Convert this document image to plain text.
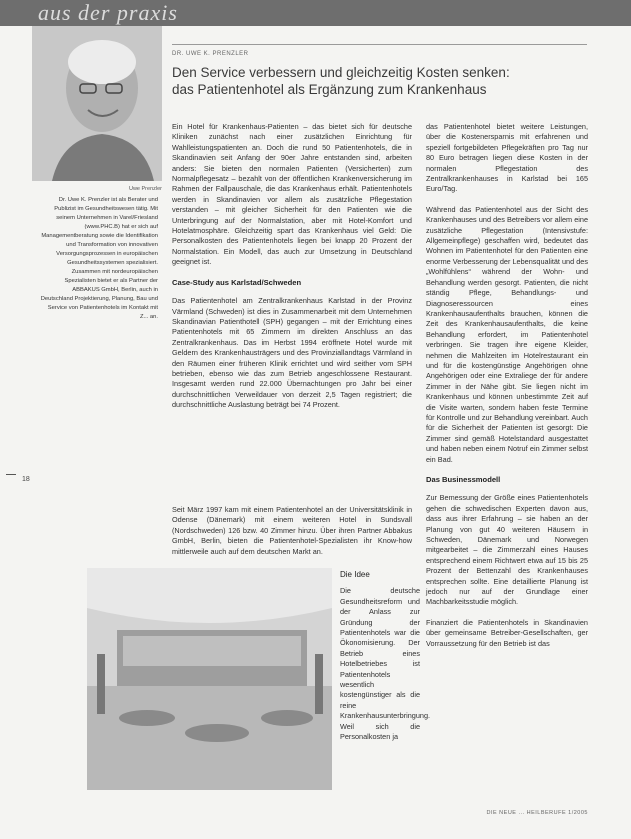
aus der praxis
Uwe Prenzler
Dr. Uwe K. Prenzler ist als Berater und Publizist im Gesundheitswesen tätig. Mit seinem Unternehmen in Varel/Friesland (www.PHC.B) hat er sich auf Managementberatung sowie die Identifikation und Transformation von innovativen Versorgungsprozessen in europäischen Gesundheitssystemen spezialisiert. Zusammen mit nordeuropäischen Spezialisten bietet er als Partner der ABBAKUS GmbH, Berlin, auch in Deutschland Projektierung, Planung, Bau und Service von Patientenhotels im Kontakt mit Z... an.
18
DR. UWE K. PRENZLER
Den Service verbessern und gleichzeitig Kosten senken:
das Patientenhotel als Ergänzung zum Krankenhaus

Ein Hotel für Krankenhaus-Patienten – das bietet sich für deutsche Kliniken zunächst nach einer zusätzlichen Einrichtung für Wahlleistungspatienten an. Doch die rund 50 Patientenhotels, die in Skandinavien seit Anfang der 90er Jahre entstanden sind, arbeiten anders: Sie bieten den normalen Patienten (Versicherten) zum Normalpflegesatz – bezahlt von der öffentlichen Krankenversicherung im Rahmen der Fallpauschale, die das Krankenhaus erhält. Patientenhotels werden in Skandinavien vor allem als zusätzliche Pflegestation verstanden – mit gleicher Sicherheit für den Patienten wie die Unterbringung auf der Normalstation, aber mit Hotel-Komfort und Hotelatmosphäre. Gleichzeitig spart das Krankenhaus viel Geld: Die Personalkosten des Patientenhotels liegen bei knapp 20 Prozent der Normalstation. Ein Modell, das auch zur Umsetzung in Deutschland geeignet ist.

Case-Study aus Karlstad/Schweden

Das Patientenhotel am Zentralkrankenhaus Karlstad in der Provinz Värmland (Schweden) ist dies in Zusammenarbeit mit dem Unternehmen Skandinavian Patienthotell (SPH) gegangen – mit der Errichtung eines Patientenhotels mit 65 Zimmern im direkten Anschluss an das Zentralkrankenhaus. Das im Herbst 1994 eröffnete Hotel wurde mit Geldern des Krankenhausträgers und des Provinziallandtags Värmland in den Räumen einer früheren Klinik errichtet und wird seither vom SPH betrieben, ebenso wie das zum Betrieb angeschlossene Restaurant. Insgesamt werden rund 22.000 Übernachtungen pro Jahr bei einer durchschnittlichen Verweildauer von derzeit 2,5 Tagen registriert; die durchschnittliche Auslastung beträgt bei 74 Prozent.

Seit März 1997 kam mit einem Patientenhotel an der Universitätsklinik in Odense (Dänemark) mit einem weiteren Hotel in Sundsvall (Nordschweden) 126 bzw. 40 Zimmer hinzu. Über ihren Partner Abbakus GmbH, Berlin, bieten die Patientenhotel-Spezialisten ihr Know-how mittlerweile auch auf dem deutschen Markt an.

das Patientenhotel bietet weitere Leistungen, über die Kostenersparnis mit erfahrenen und speziell fortgebildeten Pflegekräften pro Tag nur 80 Euro betragen liegen diese Kosten in der normalen Pflegestation des Zentralkrankenhauses in Karlstad bei 165 Euro/Tag.

Während das Patientenhotel aus der Sicht des Krankenhauses und des Betreibers vor allem eine zusätzliche Pflegestation (Intensivstufe: Allgemeinpflege) geschaffen wird, bedeutet das Wohnen im Patientenhotel für den Patienten eine enorme Verbesserung der Lebensqualität und des „Wohlfühlens“ während der Wohn- und Behandlung werden gesorgt. Patienten, die nicht ständig Pflege, Behandlungs- und Diagnoseressourcen eines Krankenhausaufenthalts brauchen, können die Zeit des Krankenhausaufenthalts, die keine Behandlung erfordert, im Patientenhotel verbringen. Sie tragen ihre eigene Kleider, nehmen die Mahlzeiten im Hotelrestaurant ein und für die kostengünstige Angehörigen ohne Angehörigen oder eine Extraliege der für andere Zimmer in der Nähe gibt. Sie liegen nicht im Krankenhaus und können unbestimmte Zeit auf die Visite warten, sondern haben feste Termine für Kontrolle und zur Behandlung vereinbart. Auch für die Sicherheit der Patienten ist gesorgt: Die Zimmer sind gemäß Hotelstandard ausgestattet und haben neben einem Notruf ein Zimmer selbst ein Bad.

Das Businessmodell

Zur Bemessung der Größe eines Patientenhotels gehen die schwedischen Experten davon aus, dass aus ihrer Erfahrung – sie haben an der Planung von gut 40 weiteren Häusern in Schweden, Dänemark und Norwegen mitgearbeitet – die Zimmerzahl eines Hauses entsprechend einem Richtwert etwa auf 15 bis 25 Prozent der Bettenzahl des Krankenhauses entsprechen sollte. Eine detaillierte Planung ist jedoch nur auf der Grundlage einer Machbarkeitsstudie möglich.

Finanziert die Patientenhotels in Skandinavien über gemeinsame Betreiber-Gesellschaften, ger Vorraussetzung für den Betrieb ist das

Die Idee

Die deutsche Gesundheitsreform und der Anlass zur Gründung der Patientenhotels war die Ökonomisierung. Der Betrieb eines Hotelbetriebes ist Patientenhotels wesentlich kostengünstiger als die reine Krankenhausunterbringung. Weil sich die Personalkosten ja

DIE NEUE ... HEILBERUFE 1/2005
